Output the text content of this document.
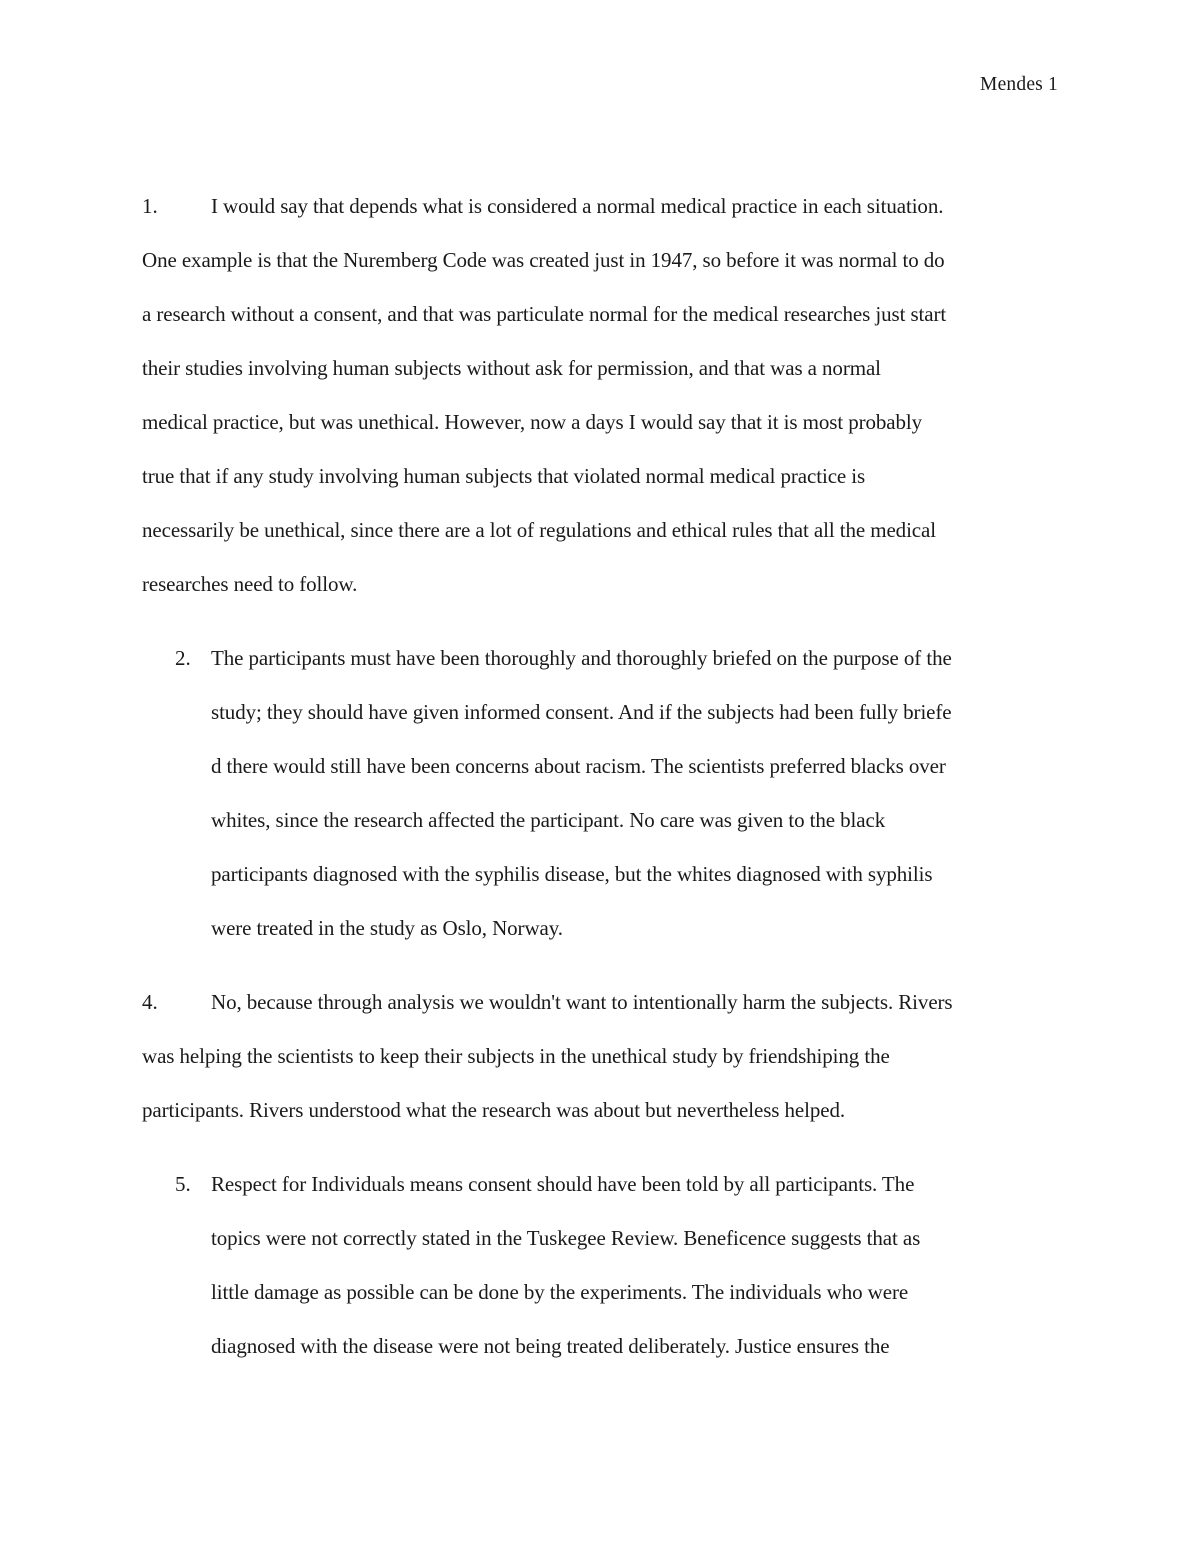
Mendes 1
1.	I would say that depends what is considered a normal medical practice in each situation.
One example is that the Nuremberg Code was created just in 1947, so before it was normal to do
a research without a consent, and that was particulate normal for the medical researches just start
their studies involving human subjects without ask for permission, and that was a normal
medical practice, but was unethical. However, now a days I would say that it is most probably
true that if any study involving human subjects that violated normal medical practice is
necessarily be unethical, since there are a lot of regulations and ethical rules that all the medical
researches need to follow.
2. The participants must have been thoroughly and thoroughly briefed on the purpose of the
study; they should have given informed consent. And if the subjects had been fully briefe
d there would still have been concerns about racism. The scientists preferred blacks over
whites, since the research affected the participant. No care was given to the black
participants diagnosed with the syphilis disease, but the whites diagnosed with syphilis
were treated in the study as Oslo, Norway.
4.	No, because through analysis we wouldn't want to intentionally harm the subjects. Rivers
was helping the scientists to keep their subjects in the unethical study by friendshiping the
participants. Rivers understood what the research was about but nevertheless helped.
5. Respect for Individuals means consent should have been told by all participants. The
topics were not correctly stated in the Tuskegee Review. Beneficence suggests that as
little damage as possible can be done by the experiments. The individuals who were
diagnosed with the disease were not being treated deliberately. Justice ensures the
